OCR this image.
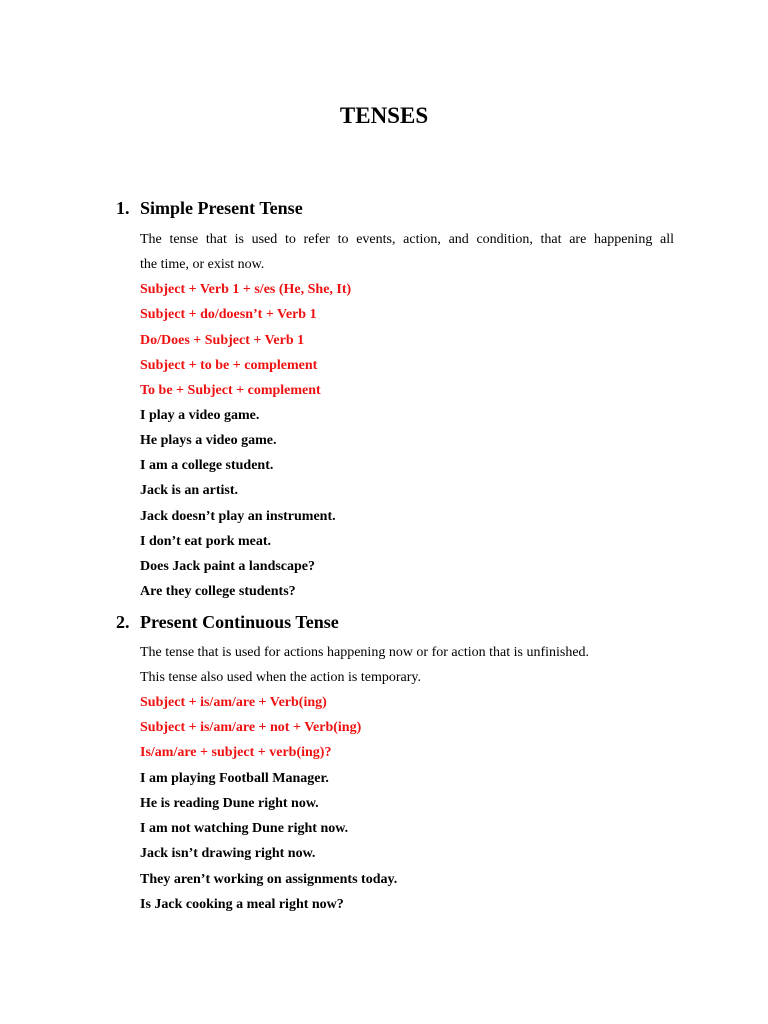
TENSES
1. Simple Present Tense
The tense that is used to refer to events, action, and condition, that are happening all
the time, or exist now.
Subject + Verb 1 + s/es (He, She, It)
Subject + do/doesn’t + Verb 1
Do/Does + Subject + Verb 1
Subject + to be + complement
To be + Subject + complement
I play a video game.
He plays a video game.
I am a college student.
Jack is an artist.
Jack doesn’t play an instrument.
I don’t eat pork meat.
Does Jack paint a landscape?
Are they college students?
2. Present Continuous Tense
The tense that is used for actions happening now or for action that is unfinished.
This tense also used when the action is temporary.
Subject + is/am/are + Verb(ing)
Subject + is/am/are + not + Verb(ing)
Is/am/are + subject + verb(ing)?
I am playing Football Manager.
He is reading Dune right now.
I am not watching Dune right now.
Jack isn’t drawing right now.
They aren’t working on assignments today.
Is Jack cooking a meal right now?
